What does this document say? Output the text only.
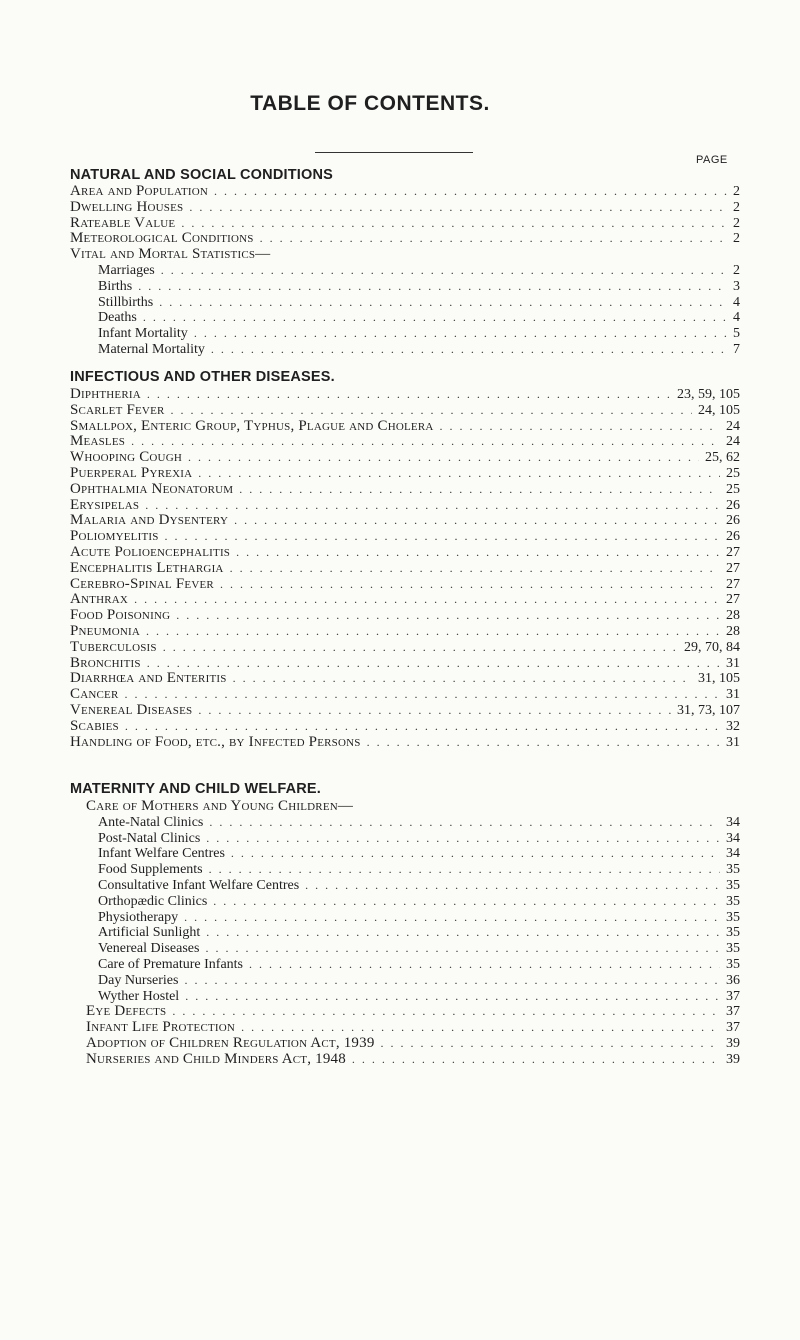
TABLE OF CONTENTS.
PAGE
NATURAL AND SOCIAL CONDITIONS
Area and Population . . .	2
Dwelling Houses . . .	2
Rateable Value . . .	2
Meteorological Conditions . . .	2
Vital and Mortal Statistics—
Marriages . . .	2
Births . . .	3
Stillbirths . . .	4
Deaths . . .	4
Infant Mortality . . .	5
Maternal Mortality . . .	7
INFECTIOUS AND OTHER DISEASES.
Diphtheria . . .	23, 59, 105
Scarlet Fever . . .	24, 105
Smallpox, Enteric Group, Typhus, Plague and Cholera . . .	24
Measles . . .	24
Whooping Cough . . .	25, 62
Puerperal Pyrexia . . .	25
Ophthalmia Neonatorum . . .	25
Erysipelas . . .	26
Malaria and Dysentery . . .	26
Poliomyelitis . . .	26
Acute Polioencephalitis . . .	27
Encephalitis Lethargia . . .	27
Cerebro-Spinal Fever . . .	27
Anthrax . . .	27
Food Poisoning . . .	28
Pneumonia . . .	28
Tuberculosis . . .	29, 70, 84
Bronchitis . . .	31
Diarrhœa and Enteritis . . .	31, 105
Cancer . . .	31
Venereal Diseases . . .	31, 73, 107
Scabies . . .	32
Handling of Food, etc., by Infected Persons . . .	31
MATERNITY AND CHILD WELFARE.
Care of Mothers and Young Children—
Ante-Natal Clinics . . .	34
Post-Natal Clinics . . .	34
Infant Welfare Centres . . .	34
Food Supplements . . .	35
Consultative Infant Welfare Centres . . .	35
Orthopædic Clinics . . .	35
Physiotherapy . . .	35
Artificial Sunlight . . .	35
Venereal Diseases . . .	35
Care of Premature Infants . . .	35
Day Nurseries . . .	36
Wyther Hostel . . .	37
Eye Defects . . .	37
Infant Life Protection . . .	37
Adoption of Children Regulation Act, 1939 . . .	39
Nurseries and Child Minders Act, 1948 . . .	39
